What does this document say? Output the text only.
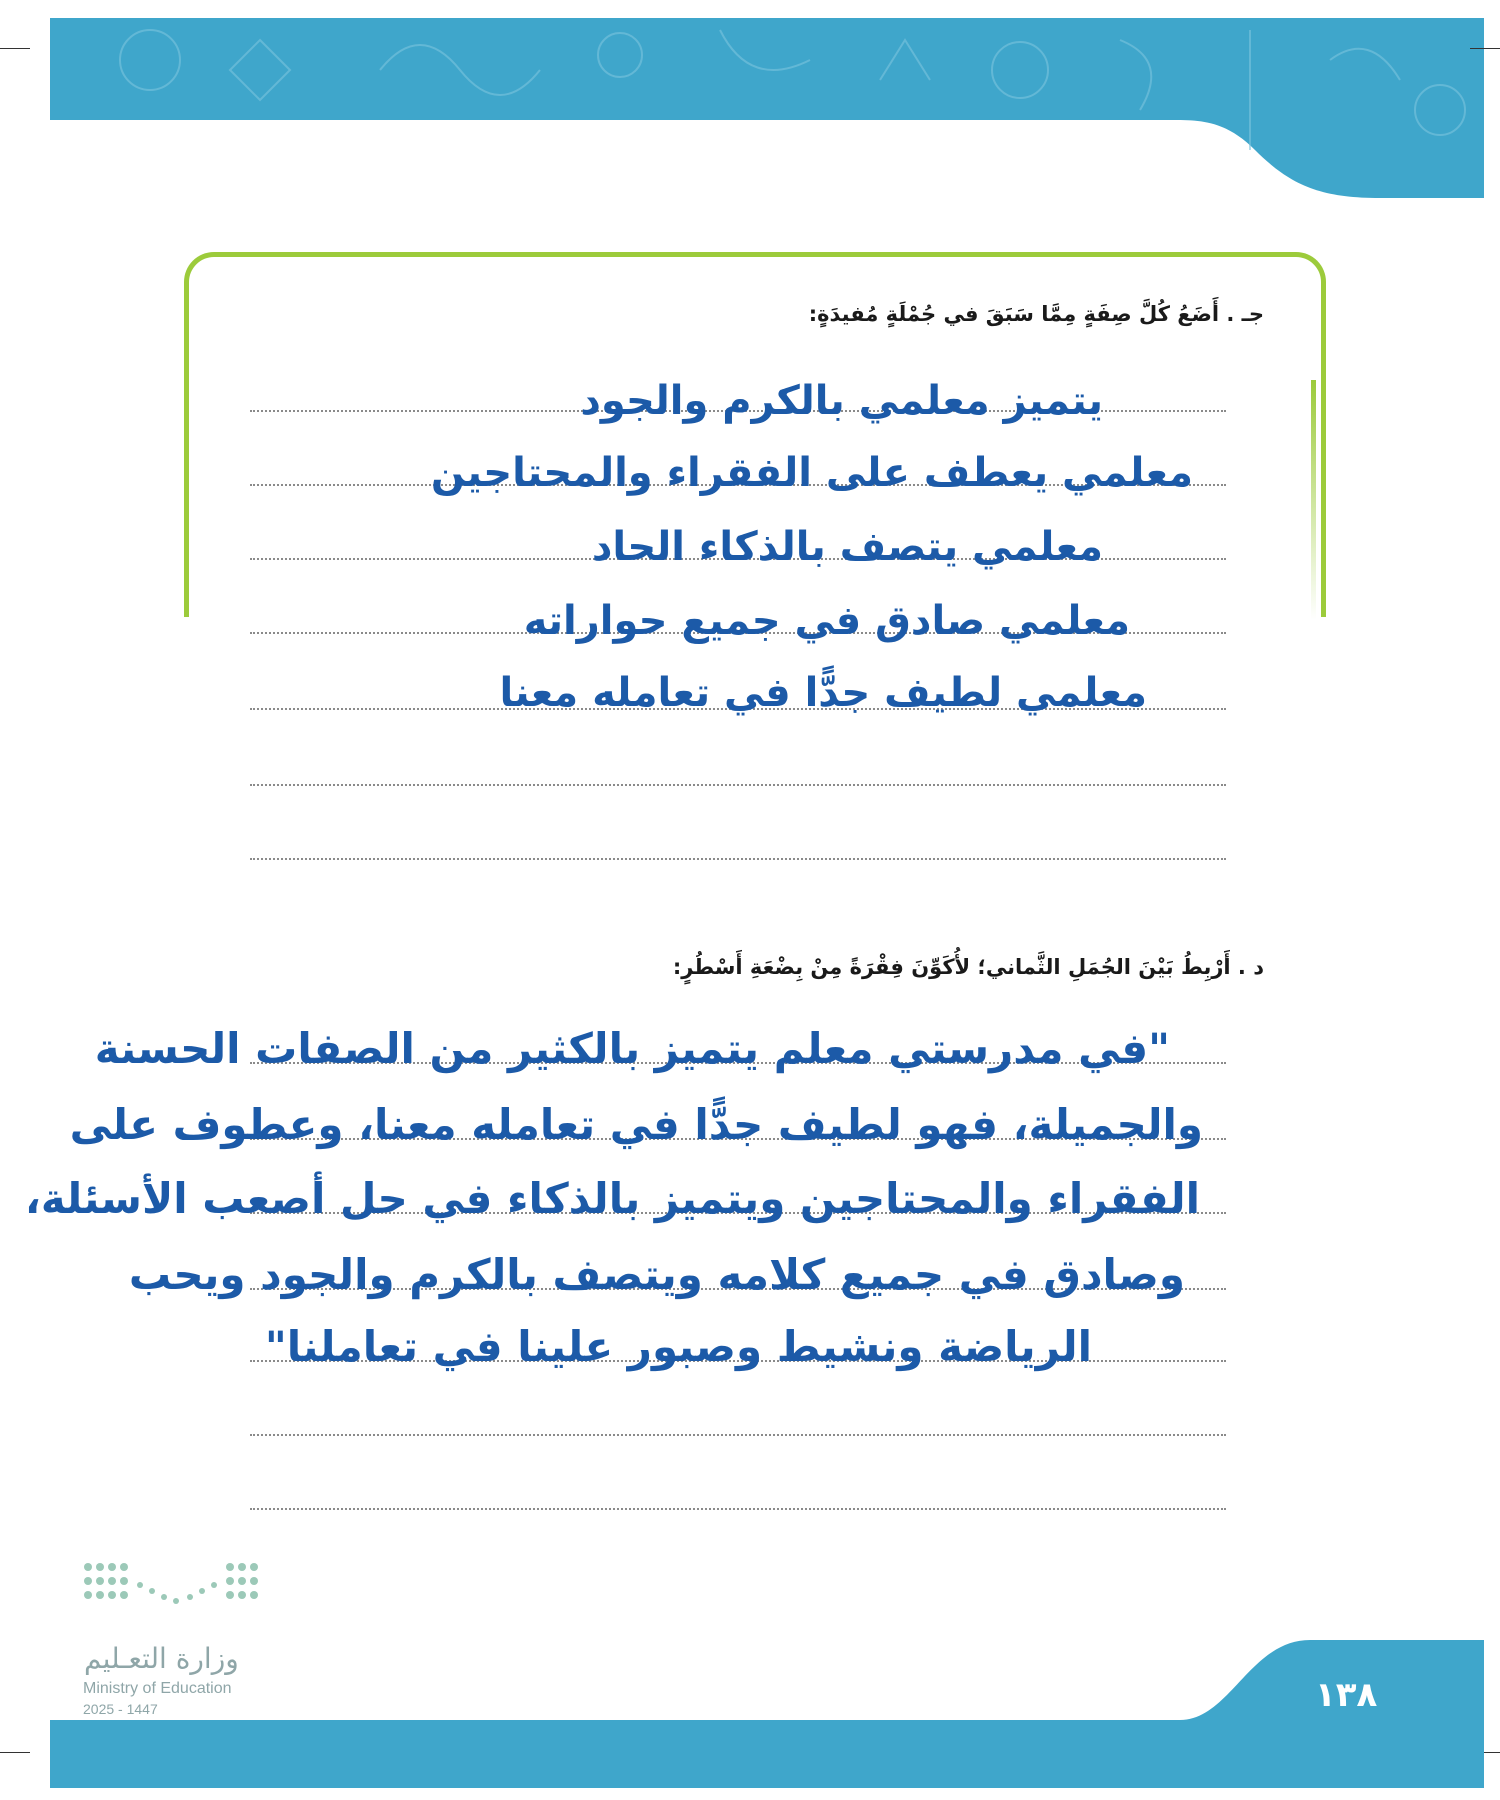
جـ . أَضَعُ كُلَّ صِفَةٍ مِمَّا سَبَقَ في جُمْلَةٍ مُفيدَةٍ:
يتميز معلمي بالكرم والجود
معلمي يعطف على الفقراء والمحتاجين
معلمي يتصف بالذكاء الحاد
معلمي صادق في جميع حواراته
معلمي لطيف جدًّا في تعامله معنا
د . أَرْبِطُ بَيْنَ الجُمَلِ الثَّماني؛ لأُكَوِّنَ فِقْرَةً مِنْ بِضْعَةِ أَسْطُرٍ:
"في مدرستي معلم يتميز بالكثير من الصفات الحسنة
والجميلة، فهو لطيف جدًّا في تعامله معنا، وعطوف على
الفقراء والمحتاجين ويتميز بالذكاء في حل أصعب الأسئلة،
وصادق في جميع كلامه ويتصف بالكرم والجود ويحب
الرياضة ونشيط وصبور علينا في تعاملنا"
وزارة التعـليم
Ministry of Education
2025 - 1447	١٣٨
